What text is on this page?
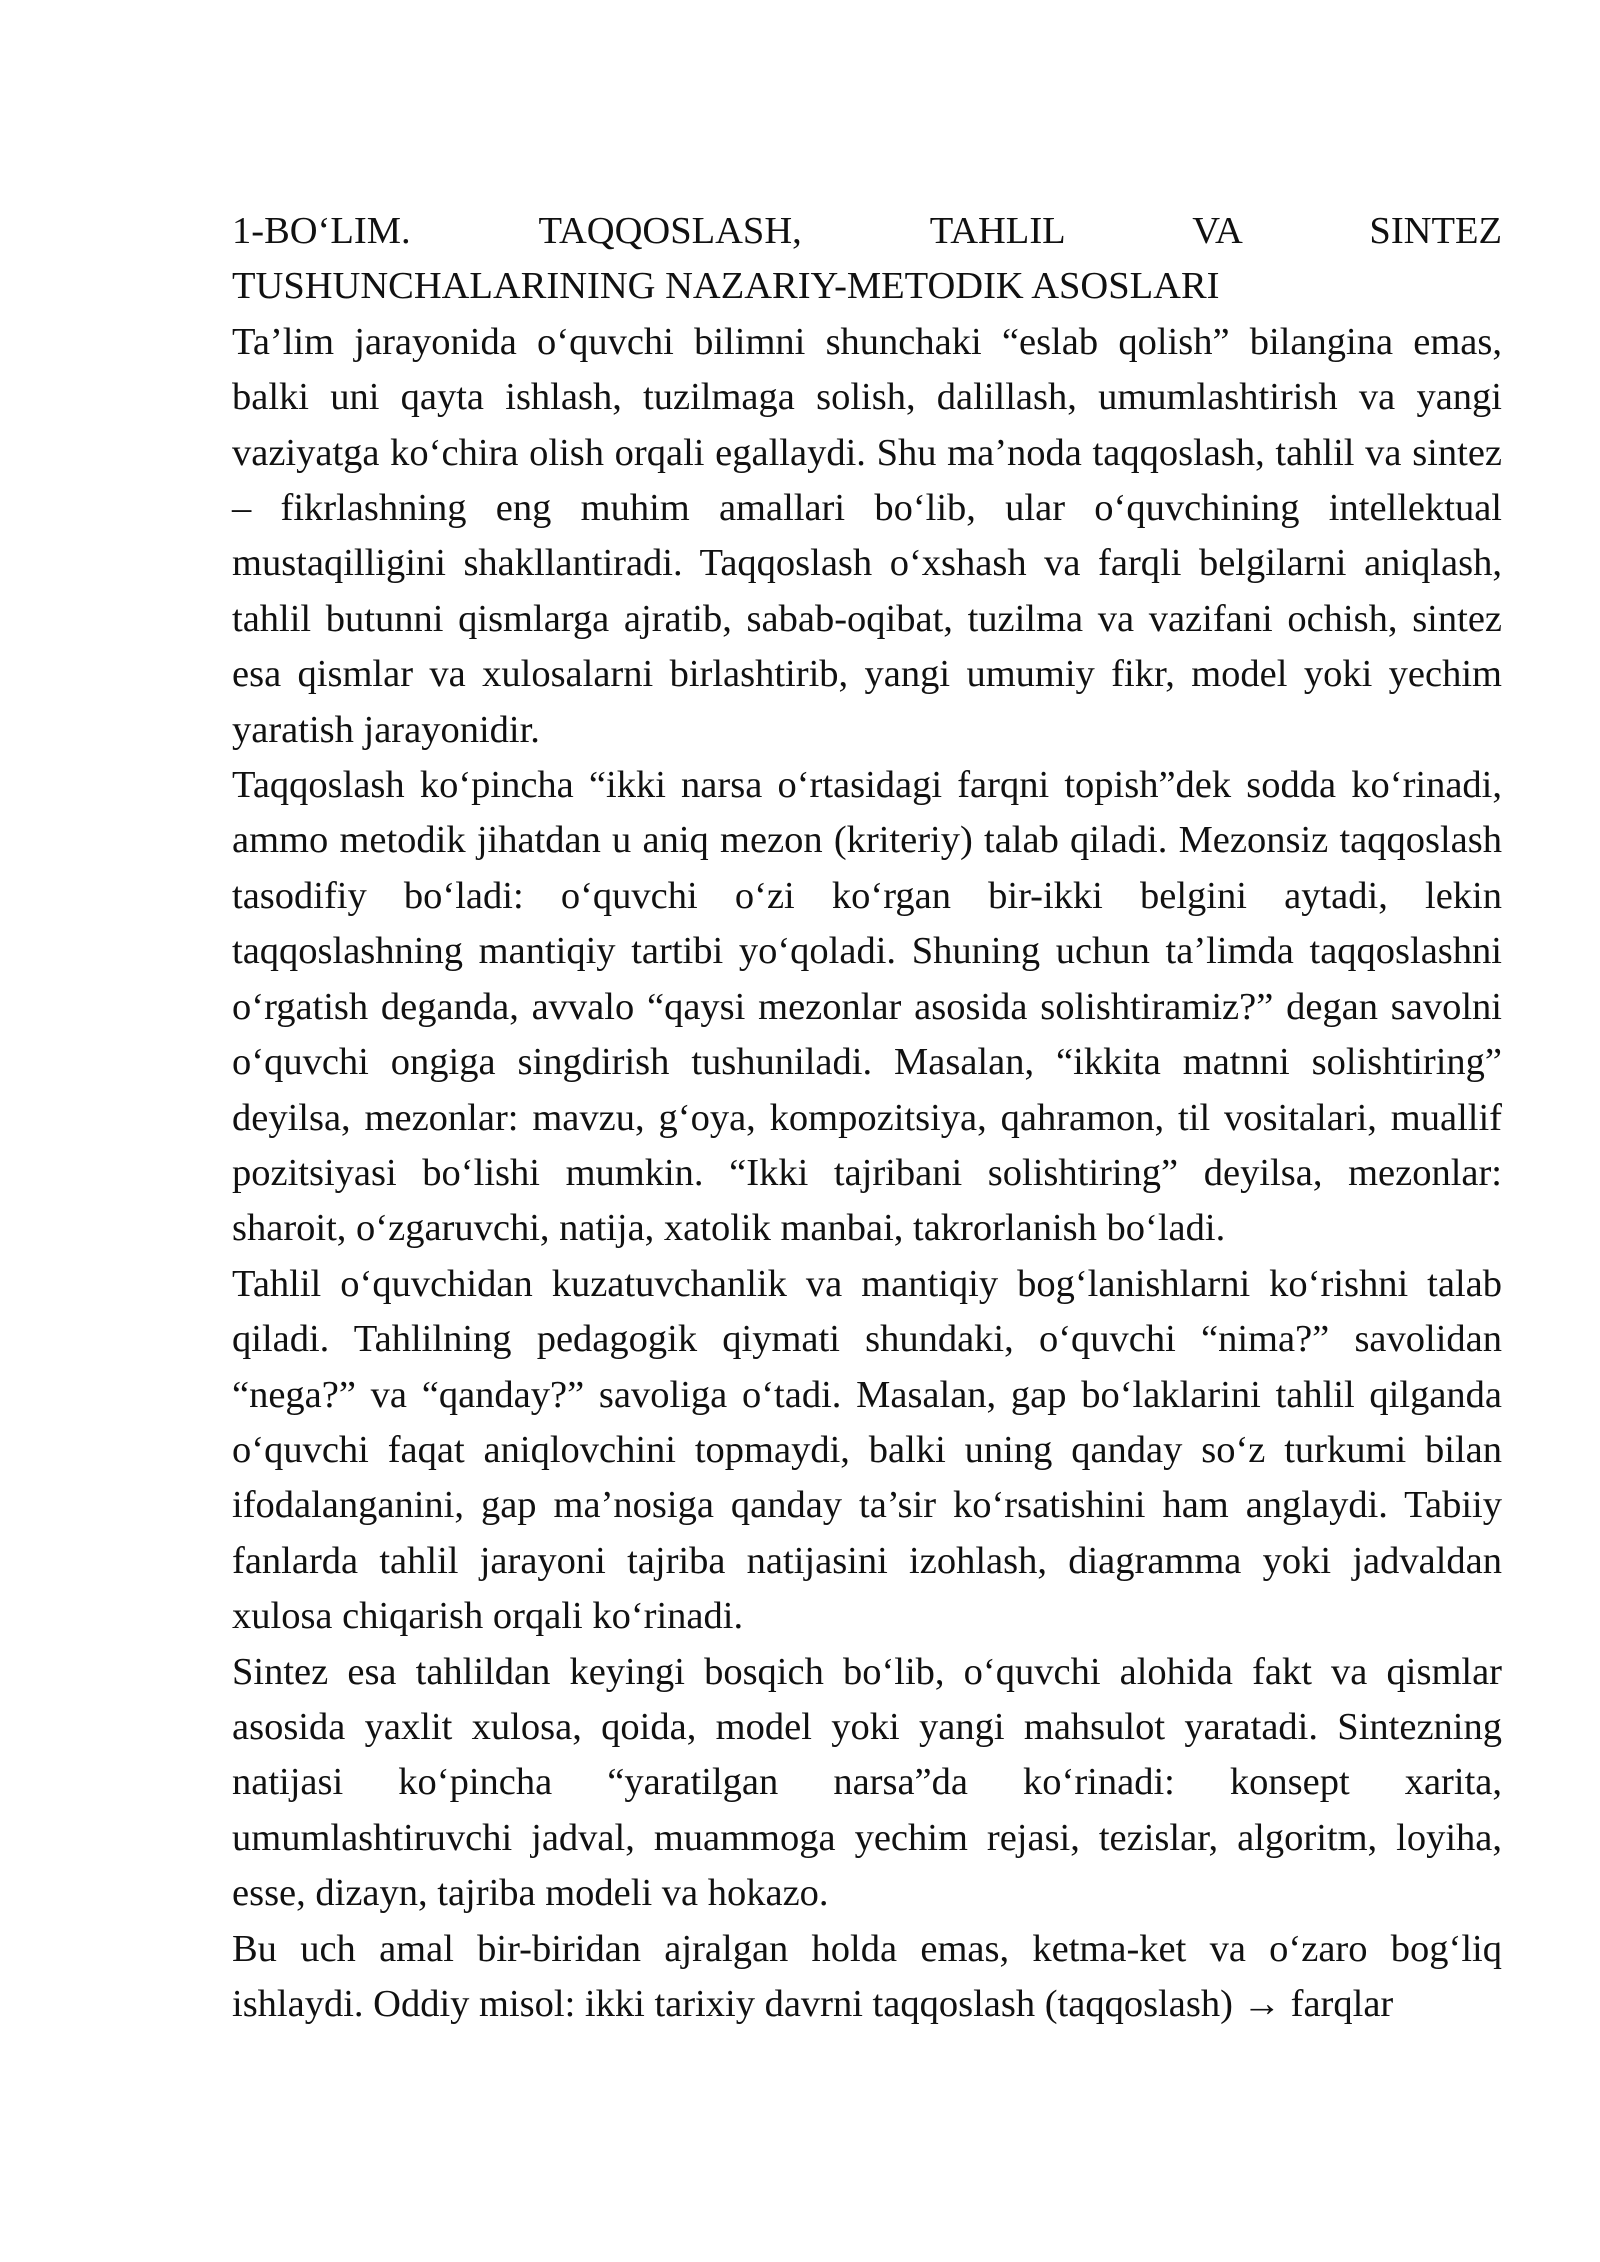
1-BO‘LIM. TAQQOSLASH, TAHLIL VA SINTEZ
TUSHUNCHALARINING NAZARIY-METODIK ASOSLARI

Ta’lim jarayonida o‘quvchi bilimni shunchaki “eslab qolish” bilangina emas, balki uni qayta ishlash, tuzilmaga solish, dalillash, umumlashtirish va yangi vaziyatga ko‘chira olish orqali egallaydi. Shu ma’noda taqqoslash, tahlil va sintez – fikrlashning eng muhim amallari bo‘lib, ular o‘quvchining intellektual mustaqilligini shakllantiradi. Taqqoslash o‘xshash va farqli belgilarni aniqlash, tahlil butunni qismlarga ajratib, sabab-oqibat, tuzilma va vazifani ochish, sintez esa qismlar va xulosalarni birlashtirib, yangi umumiy fikr, model yoki yechim yaratish jarayonidir.

Taqqoslash ko‘pincha “ikki narsa o‘rtasidagi farqni topish”dek sodda ko‘rinadi, ammo metodik jihatdan u aniq mezon (kriteriy) talab qiladi. Mezonsiz taqqoslash tasodifiy bo‘ladi: o‘quvchi o‘zi ko‘rgan bir-ikki belgini aytadi, lekin taqqoslashning mantiqiy tartibi yo‘qoladi. Shuning uchun ta’limda taqqoslashni o‘rgatish deganda, avvalo “qaysi mezonlar asosida solishtiramiz?” degan savolni o‘quvchi ongiga singdirish tushuniladi. Masalan, “ikkita matnni solishtiring” deyilsa, mezonlar: mavzu, g‘oya, kompozitsiya, qahramon, til vositalari, muallif pozitsiyasi bo‘lishi mumkin. “Ikki tajribani solishtiring” deyilsa, mezonlar: sharoit, o‘zgaruvchi, natija, xatolik manbai, takrorlanish bo‘ladi.

Tahlil o‘quvchidan kuzatuvchanlik va mantiqiy bog‘lanishlarni ko‘rishni talab qiladi. Tahlilning pedagogik qiymati shundaki, o‘quvchi “nima?” savolidan “nega?” va “qanday?” savoliga o‘tadi. Masalan, gap bo‘laklarini tahlil qilganda o‘quvchi faqat aniqlovchini topmaydi, balki uning qanday so‘z turkumi bilan ifodalanganini, gap ma’nosiga qanday ta’sir ko‘rsatishini ham anglaydi. Tabiiy fanlarda tahlil jarayoni tajriba natijasini izohlash, diagramma yoki jadvaldan xulosa chiqarish orqali ko‘rinadi.

Sintez esa tahlildan keyingi bosqich bo‘lib, o‘quvchi alohida fakt va qismlar asosida yaxlit xulosa, qoida, model yoki yangi mahsulot yaratadi. Sintezning natijasi ko‘pincha “yaratilgan narsa”da ko‘rinadi: konsept xarita, umumlashtiruvchi jadval, muammoga yechim rejasi, tezislar, algoritm, loyiha, esse, dizayn, tajriba modeli va hokazo.

Bu uch amal bir-biridan ajralgan holda emas, ketma-ket va o‘zaro bog‘liq ishlaydi. Oddiy misol: ikki tarixiy davrni taqqoslash (taqqoslash) → farqlar
